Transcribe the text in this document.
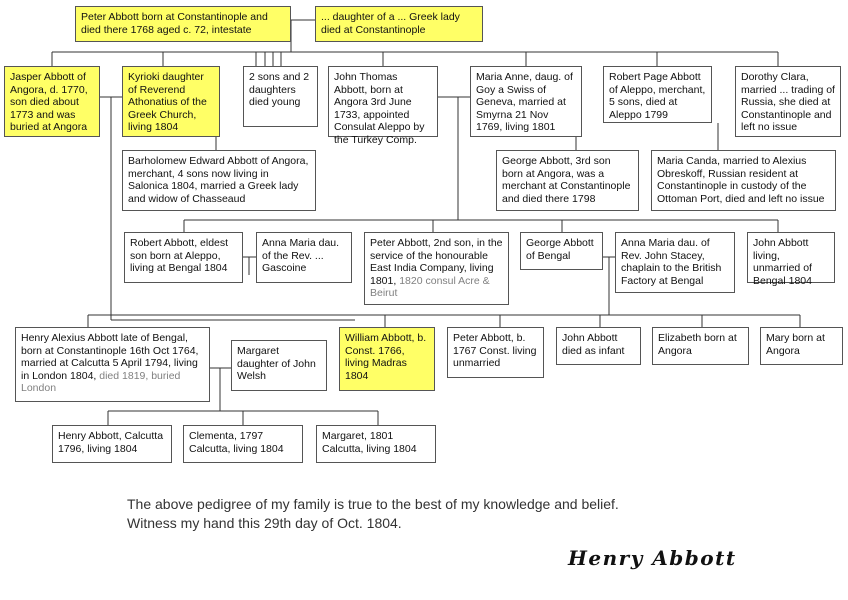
Peter Abbott born at Constantinople and died there 1768 aged c. 72, intestate
... daughter of a ... Greek lady died at Constantinople
Jasper Abbott of Angora, d. 1770, son died about 1773 and was buried at Angora
Kyrioki daughter of Reverend Athonatius of the Greek Church, living 1804
2 sons and 2 daughters died young
John Thomas Abbott, born at Angora 3rd June 1733, appointed Consulat Aleppo by the Turkey Comp.
Maria Anne, daug. of Goy a Swiss of Geneva, married at Smyrna 21 Nov 1769, living 1801
Robert Page Abbott of Aleppo, merchant, 5 sons, died at Aleppo 1799
Dorothy Clara, married ... trading of Russia, she died at Constantinople and left no issue
Barholomew Edward Abbott of Angora, merchant, 4 sons now living in Salonica 1804, married a Greek lady and widow of Chasseaud
George Abbott, 3rd son born at Angora, was a merchant at Constantinople and died there 1798
Maria Canda, married to Alexius Obreskoff, Russian resident at Constantinople in custody of the Ottoman Port, died and left no issue
Robert Abbott, eldest son born at Aleppo, living at Bengal 1804
Anna Maria dau. of the Rev. ... Gascoine
Peter Abbott, 2nd son, in the service of the honourable East India Company, living 1801, 1820 consul Acre & Beirut
George Abbott of Bengal
Anna Maria dau. of Rev. John Stacey, chaplain to the British Factory at Bengal
John Abbott living, unmarried of Bengal 1804
Henry Alexius Abbott late of Bengal, born at Constantinople 16th Oct 1764, married at Calcutta 5 April 1794, living in London 1804, died 1819, buried London
Margaret daughter of John Welsh
William Abbott, b. Const. 1766, living Madras 1804
Peter Abbott, b. 1767 Const. living unmarried
John Abbott died as infant
Elizabeth born at Angora
Mary born at Angora
Henry Abbott, Calcutta 1796, living 1804
Clementa, 1797 Calcutta, living 1804
Margaret, 1801 Calcutta, living 1804
The above pedigree of my family is true to the best of my knowledge and belief.
Witness my hand this 29th day of Oct. 1804.
Henry Abbott
